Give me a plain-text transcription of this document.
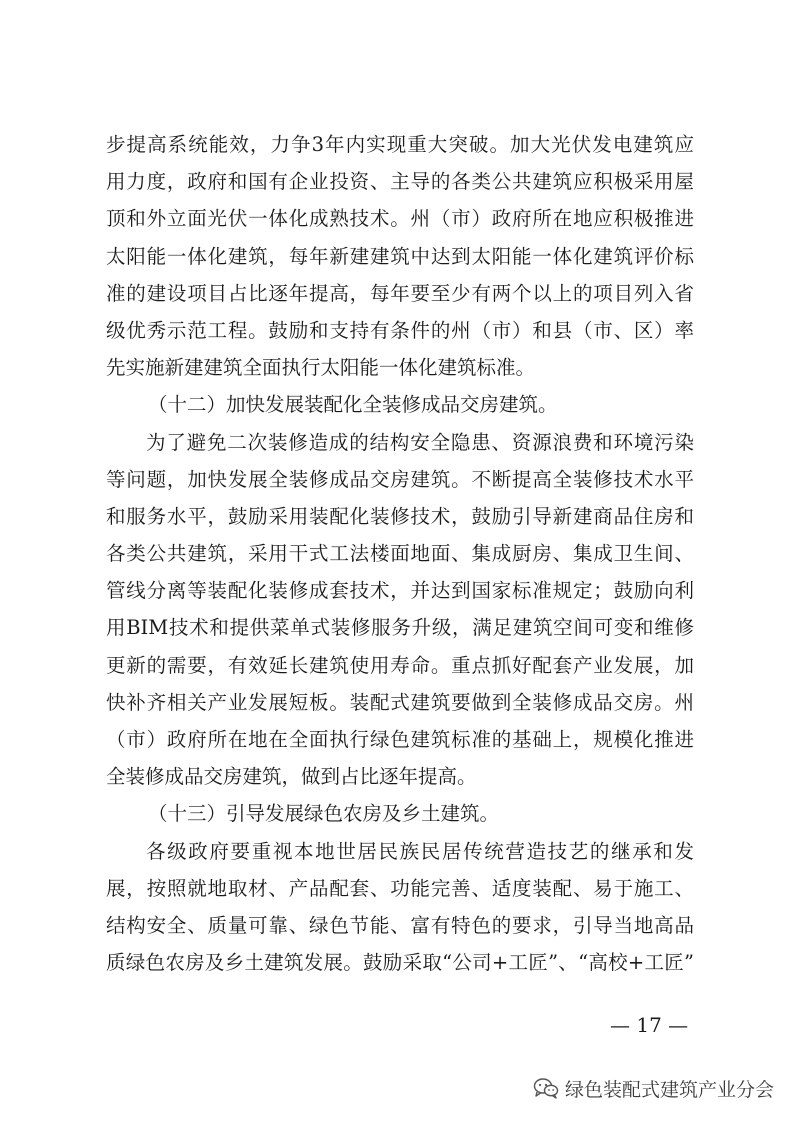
步提高系统能效，力争3年内实现重大突破。加大光伏发电建筑应
用力度，政府和国有企业投资、主导的各类公共建筑应积极采用屋
顶和外立面光伏一体化成熟技术。州（市）政府所在地应积极推进
太阳能一体化建筑，每年新建建筑中达到太阳能一体化建筑评价标
准的建设项目占比逐年提高，每年要至少有两个以上的项目列入省
级优秀示范工程。鼓励和支持有条件的州（市）和县（市、区）率
先实施新建建筑全面执行太阳能一体化建筑标准。
（十二）加快发展装配化全装修成品交房建筑。
为了避免二次装修造成的结构安全隐患、资源浪费和环境污染
等问题，加快发展全装修成品交房建筑。不断提高全装修技术水平
和服务水平，鼓励采用装配化装修技术，鼓励引导新建商品住房和
各类公共建筑，采用干式工法楼面地面、集成厨房、集成卫生间、
管线分离等装配化装修成套技术，并达到国家标准规定；鼓励向利
用BIM技术和提供菜单式装修服务升级，满足建筑空间可变和维修
更新的需要，有效延长建筑使用寿命。重点抓好配套产业发展，加
快补齐相关产业发展短板。装配式建筑要做到全装修成品交房。州
（市）政府所在地在全面执行绿色建筑标准的基础上，规模化推进
全装修成品交房建筑，做到占比逐年提高。
（十三）引导发展绿色农房及乡土建筑。
各级政府要重视本地世居民族民居传统营造技艺的继承和发
展，按照就地取材、产品配套、功能完善、适度装配、易于施工、
结构安全、质量可靠、绿色节能、富有特色的要求，引导当地高品
质绿色农房及乡土建筑发展。鼓励采取“公司+工匠”、“高校+工匠”
— 17 —
绿色装配式建筑产业分会
